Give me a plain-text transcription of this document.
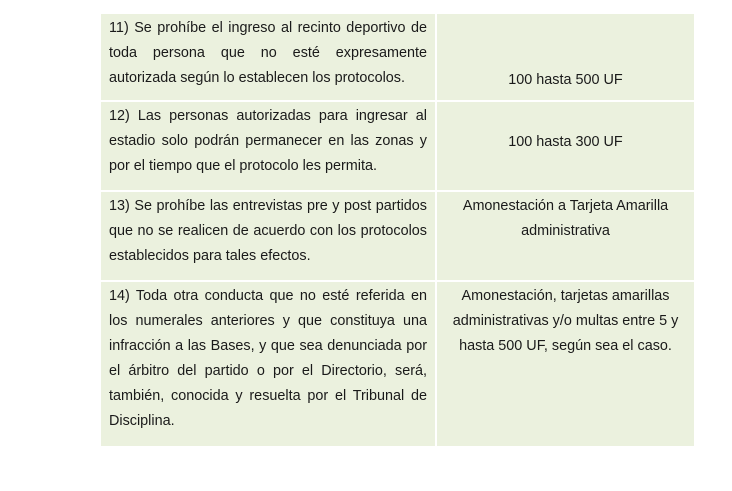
11) Se prohíbe el ingreso al recinto deportivo de toda persona que no esté expresamente autorizada según lo establecen los protocolos.	100 hasta 500 UF
12) Las personas autorizadas para ingresar al estadio solo podrán permanecer en las zonas y por el tiempo que el protocolo les permita.	100 hasta 300 UF
13) Se prohíbe las entrevistas pre y post partidos que no se realicen de acuerdo con los protocolos establecidos para tales efectos.	Amonestación a Tarjeta Amarilla administrativa
14) Toda otra conducta que no esté referida en los numerales anteriores y que constituya una infracción a las Bases, y que sea denunciada por el árbitro del partido o por el Directorio, será, también, conocida y resuelta por el Tribunal de Disciplina.	Amonestación, tarjetas amarillas administrativas y/o multas entre 5 y hasta 500 UF, según sea el caso.
